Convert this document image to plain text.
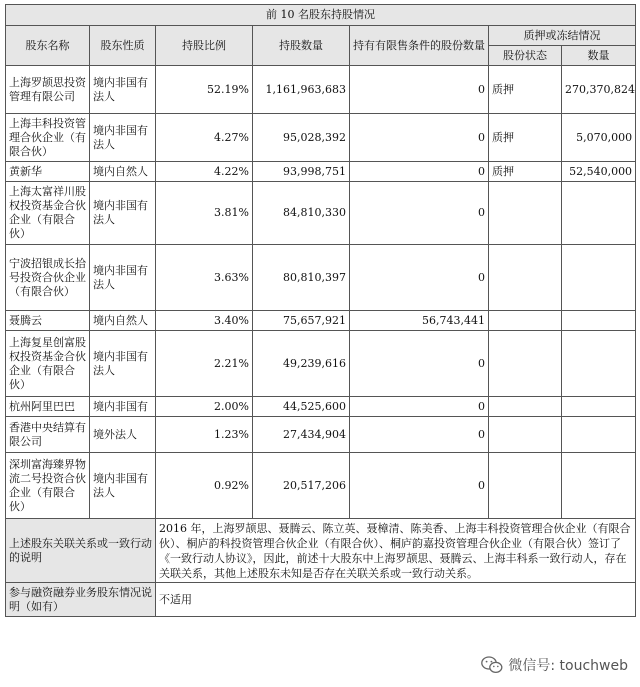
前 10 名股东持股情况						
股东名称	股东性质	持股比例	持股数量	持有有限售条件的股份数量	质押或冻结情况	
					股份状态	数量
上海罗颉思投资管理有限公司	境内非国有法人	52.19%	1,161,963,683	0	质押	270,370,824
上海丰科投资管理合伙企业（有限合伙）	境内非国有法人	4.27%	95,028,392	0	质押	5,070,000
黄新华	境内自然人	4.22%	93,998,751	0	质押	52,540,000
上海太富祥川股权投资基金合伙企业（有限合伙）	境内非国有法人	3.81%	84,810,330	0		
宁波招银成长拾号投资合伙企业（有限合伙）	境内非国有法人	3.63%	80,810,397	0		
聂腾云	境内自然人	3.40%	75,657,921	56,743,441		
上海复星创富股权投资基金合伙企业（有限合伙）	境内非国有法人	2.21%	49,239,616	0		
杭州阿里巴巴	境内非国有	2.00%	44,525,600	0		
香港中央结算有限公司	境外法人	1.23%	27,434,904	0		
深圳富海臻界物流二号投资合伙企业（有限合伙）	境内非国有法人	0.92%	20,517,206	0		
上述股东关联关系或一致行动的说明		2016 年，上海罗颉思、聂腾云、陈立英、聂樟清、陈美香、上海丰科投资管理合伙企业（有限合伙）、桐庐韵科投资管理合伙企业（有限合伙）、桐庐韵嘉投资管理合伙企业（有限合伙）签订了《一致行动人协议》，因此，前述十大股东中上海罗颉思、聂腾云、上海丰科系一致行动人，存在关联关系，其他上述股东未知是否存在关联关系或一致行动关系。				
参与融资融券业务股东情况说明（如有）		不适用				
微信号: touchweb
